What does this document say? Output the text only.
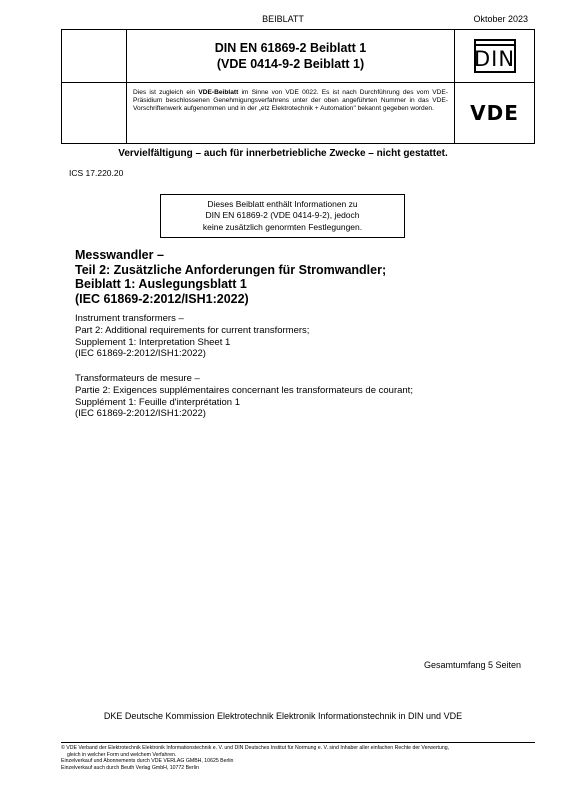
BEIBLATT	Oktober 2023
DIN EN 61869-2 Beiblatt 1
(VDE 0414-9-2 Beiblatt 1)	DIN
Dies ist zugleich ein VDE-Beiblatt im Sinne von VDE 0022. Es ist nach Durchführung des vom VDE-Präsidium beschlossenen Genehmigungsverfahrens unter der oben angeführten Nummer in das VDE-Vorschriftenwerk aufgenommen und in der „etz Elektrotechnik + Automation" bekannt gegeben worden.	VDE
Vervielfältigung – auch für innerbetriebliche Zwecke – nicht gestattet.
ICS 17.220.20
Dieses Beiblatt enthält Informationen zu
DIN EN 61869-2 (VDE 0414-9-2), jedoch
keine zusätzlich genormten Festlegungen.
Messwandler –
Teil 2: Zusätzliche Anforderungen für Stromwandler;
Beiblatt 1: Auslegungsblatt 1
(IEC 61869-2:2012/ISH1:2022)
Instrument transformers –
Part 2: Additional requirements for current transformers;
Supplement 1: Interpretation Sheet 1
(IEC 61869-2:2012/ISH1:2022)
Transformateurs de mesure –
Partie 2: Exigences supplémentaires concernant les transformateurs de courant;
Supplément 1: Feuille d'interprétation 1
(IEC 61869-2:2012/ISH1:2022)
Gesamtumfang 5 Seiten
DKE Deutsche Kommission Elektrotechnik Elektronik Informationstechnik in DIN und VDE
© VDE Verband der Elektrotechnik Elektronik Informationstechnik e. V. und DIN Deutsches Institut für Normung e. V. sind Inhaber aller einfachen Rechte der Verwertung,
gleich in welcher Form und welchem Verfahren.
Einzelverkauf und Abonnements durch VDE VERLAG GMBH, 10625 Berlin
Einzelverkauf auch durch Beuth Verlag GmbH, 10772 Berlin
